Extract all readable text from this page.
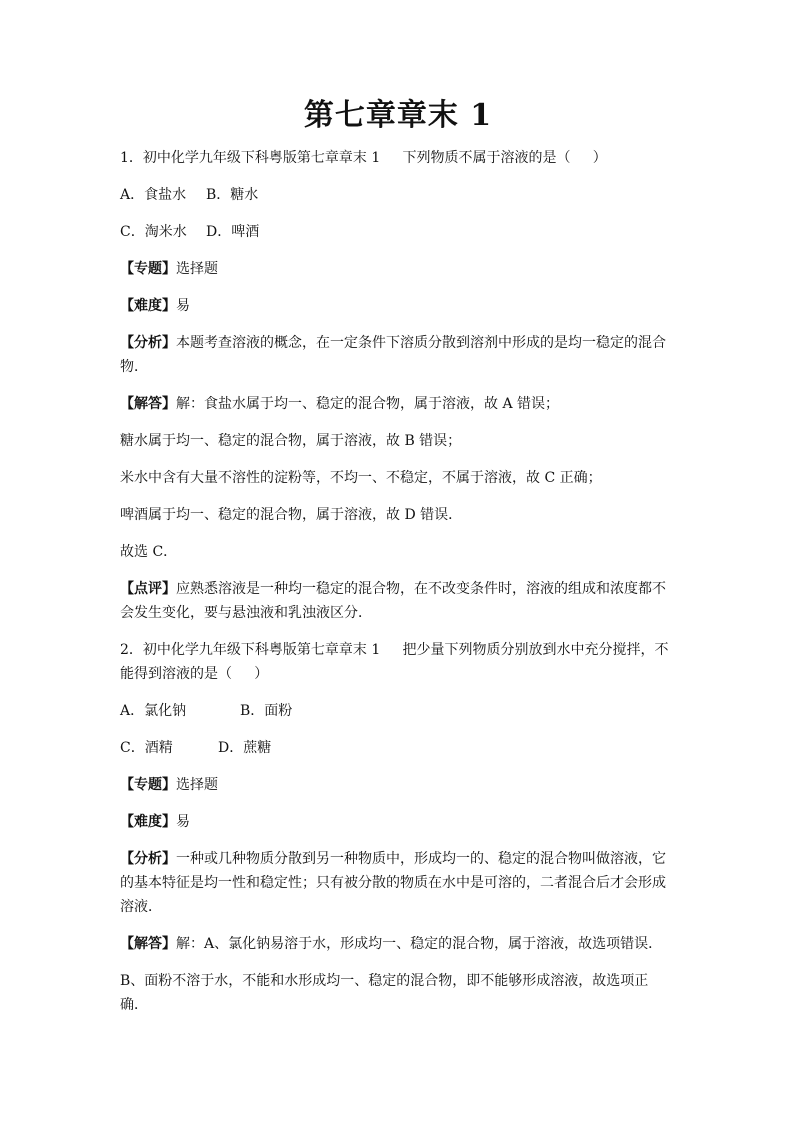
第七章章末 1
1．初中化学九年级下科粤版第七章章末 1     下列物质不属于溶液的是（     ）
A．食盐水 B．糖水
C．淘米水 D．啤酒
【专题】选择题
【难度】易
【分析】本题考查溶液的概念，在一定条件下溶质分散到溶剂中形成的是均一稳定的混合物．
【解答】解：食盐水属于均一、稳定的混合物，属于溶液，故 A 错误；
糖水属于均一、稳定的混合物，属于溶液，故 B 错误；
米水中含有大量不溶性的淀粉等，不均一、不稳定，不属于溶液，故 C 正确；
啤酒属于均一、稳定的混合物，属于溶液，故 D 错误．
故选 C．
【点评】应熟悉溶液是一种均一稳定的混合物，在不改变条件时，溶液的组成和浓度都不会发生变化，要与悬浊液和乳浊液区分．
2．初中化学九年级下科粤版第七章章末 1     把少量下列物质分别放到水中充分搅拌，不能得到溶液的是（     ）
A．氯化钠	B．面粉
C．酒精	D．蔗糖
【专题】选择题
【难度】易
【分析】一种或几种物质分散到另一种物质中，形成均一的、稳定的混合物叫做溶液，它的基本特征是均一性和稳定性；只有被分散的物质在水中是可溶的，二者混合后才会形成溶液．
【解答】解：A、氯化钠易溶于水，形成均一、稳定的混合物，属于溶液，故选项错误．
B、面粉不溶于水，不能和水形成均一、稳定的混合物，即不能够形成溶液，故选项正确．
